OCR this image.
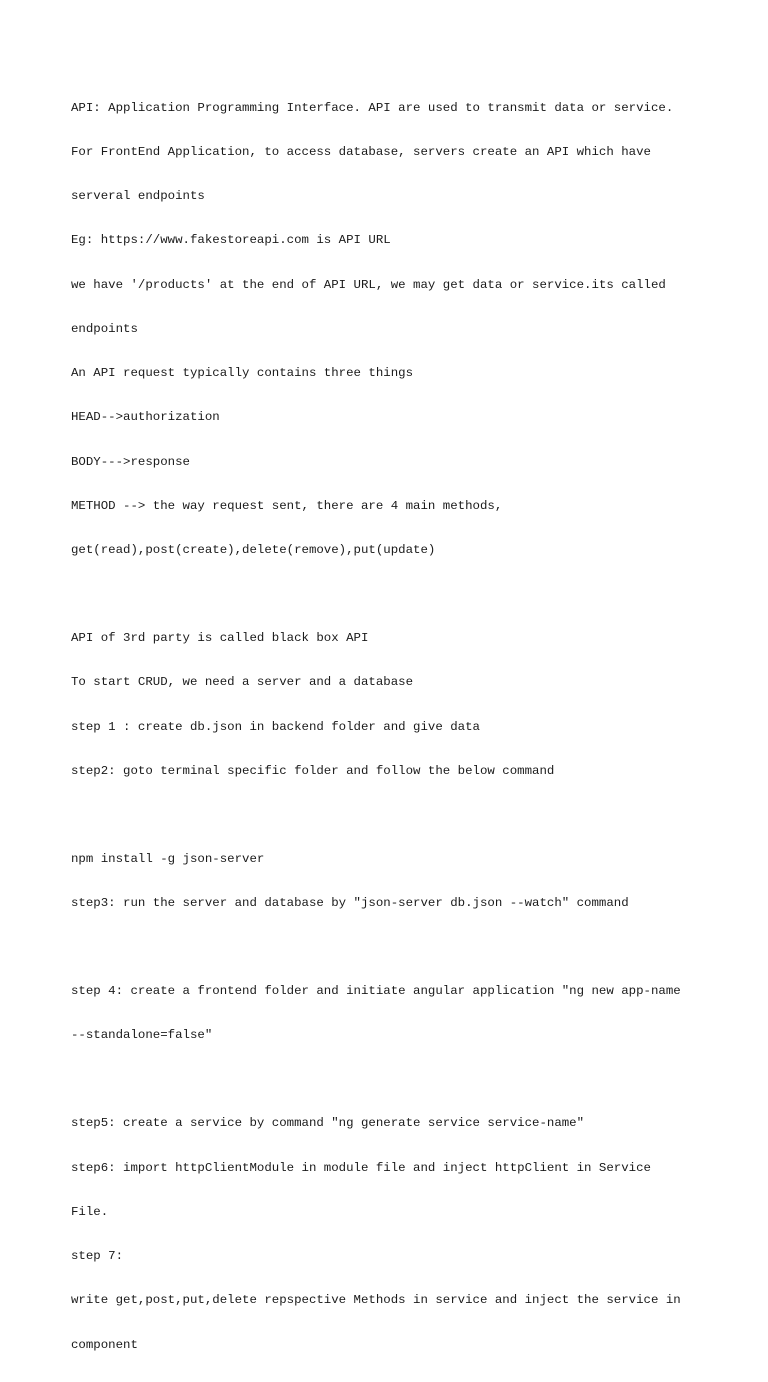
API: Application Programming Interface. API are used to transmit data or service.

For FrontEnd Application, to access database, servers create an API which have

serveral endpoints

Eg: https://www.fakestoreapi.com is API URL

we have '/products' at the end of API URL, we may get data or service.its called

endpoints

An API request typically contains three things

HEAD-->authorization

BODY--->response

METHOD --> the way request sent, there are 4 main methods,

get(read),post(create),delete(remove),put(update)

API of 3rd party is called black box API

To start CRUD, we need a server and a database

step 1 : create db.json in backend folder and give data

step2: goto terminal specific folder and follow the below command

npm install -g json-server

step3: run the server and database by "json-server db.json --watch" command

step 4: create a frontend folder and initiate angular application "ng new app-name

--standalone=false"

step5: create a service by command "ng generate service service-name"

step6: import httpClientModule in module file and inject httpClient in Service

File.

step 7:

write get,post,put,delete repspective Methods in service and inject the service in

component
